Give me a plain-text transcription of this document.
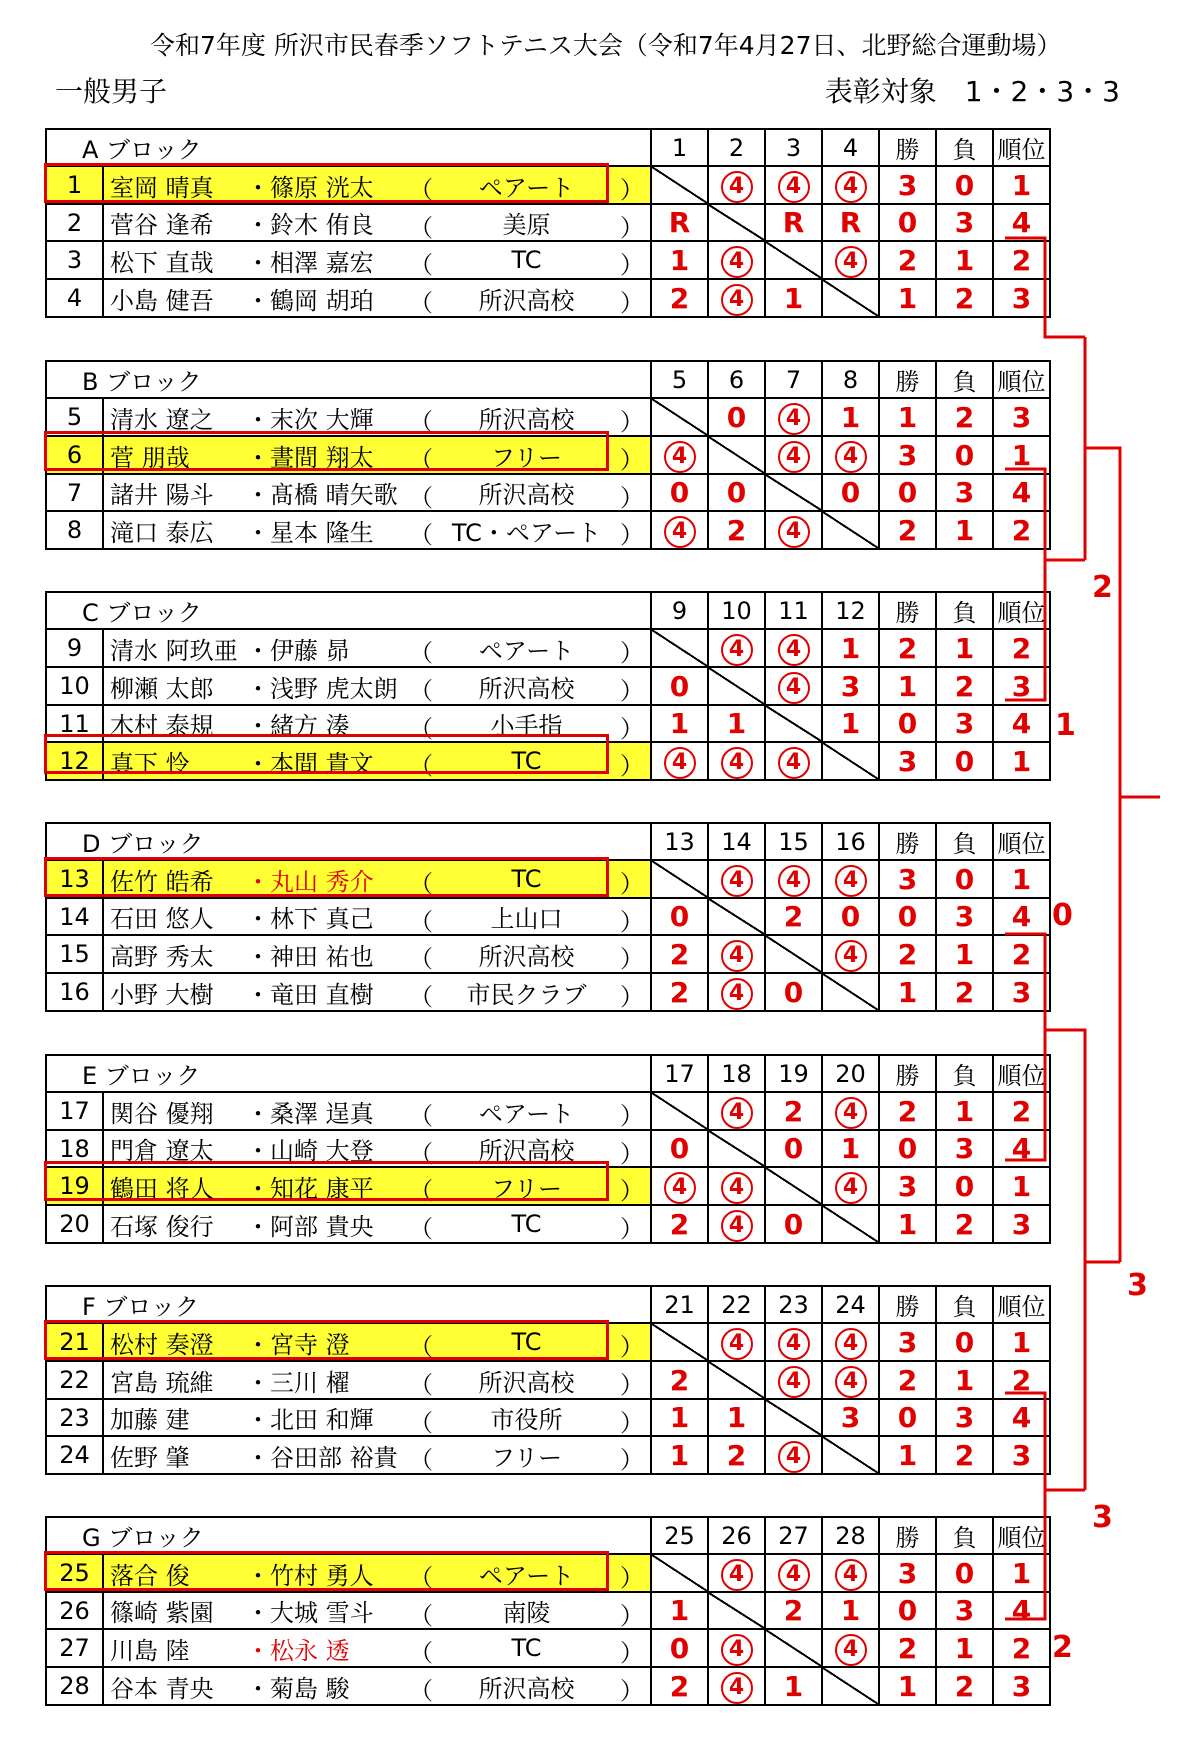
令和7年度 所沢市民春季ソフトテニス大会（令和7年4月27日、北野総合運動場）
一般男子	表彰対象　1・2・3・3
A ブロック			1	2	3	4	勝	負	順位
1	室岡 晴真 ・篠原 洸太	（ ペアート ）		4	4	4	3	0	1
2	菅谷 逢希 ・鈴木 侑良	（ 美原 ）	R		R	R	0	3	4
3	松下 直哉 ・相澤 嘉宏	（ TC ）	1	4		4	2	1	2
4	小島 健吾 ・鶴岡 胡珀	（ 所沢高校 ）	2	4	1		1	2	3
B ブロック			5	6	7	8	勝	負	順位
5	清水 遼之 ・末次 大輝	（ 所沢高校 ）		0	4	1	1	2	3
6	菅 朋哉 ・晝間 翔太	（ フリー ）	4		4	4	3	0	1
7	諸井 陽斗 ・髙橋 晴矢歌	（ 所沢高校 ）	0	0		0	0	3	4
8	滝口 泰広 ・星本 隆生	（ TC・ペアート ）	4	2	4		2	1	2
C ブロック			9	10	11	12	勝	負	順位
9	清水 阿玖亜 ・伊藤 昴	（ ペアート ）		4	4	1	2	1	2
10	柳瀬 太郎 ・浅野 虎太朗	（ 所沢高校 ）	0		4	3	1	2	3
11	木村 泰規 ・緒方 湊	（ 小手指 ）	1	1		1	0	3	4
12	真下 怜 ・本間 貴文	（ TC ）	4	4	4		3	0	1
D ブロック			13	14	15	16	勝	負	順位
13	佐竹 皓希 ・丸山 秀介	（ TC ）		4	4	4	3	0	1
14	石田 悠人 ・林下 真己	（ 上山口 ）	0		2	0	0	3	4
15	高野 秀太 ・神田 祐也	（ 所沢高校 ）	2	4		4	2	1	2
16	小野 大樹 ・竜田 直樹	（ 市民クラブ ）	2	4	0		1	2	3
E ブロック			17	18	19	20	勝	負	順位
17	関谷 優翔 ・桑澤 逞真	（ ペアート ）		4	2	4	2	1	2
18	門倉 遼太 ・山崎 大登	（ 所沢高校 ）	0		0	1	0	3	4
19	鶴田 将人 ・知花 康平	（ フリー ）	4	4		4	3	0	1
20	石塚 俊行 ・阿部 貴央	（ TC ）	2	4	0		1	2	3
F ブロック			21	22	23	24	勝	負	順位
21	松村 奏澄 ・宮寺 澄	（ TC ）		4	4	4	3	0	1
22	宮島 琉維 ・三川 櫂	（ 所沢高校 ）	2		4	4	2	1	2
23	加藤 建 ・北田 和輝	（ 市役所 ）	1	1		3	0	3	4
24	佐野 肇 ・谷田部 裕貴	（ フリー ）	1	2	4		1	2	3
G ブロック			25	26	27	28	勝	負	順位
25	落合 俊 ・竹村 勇人	（ ペアート ）		4	4	4	3	0	1
26	篠崎 紫園 ・大城 雪斗	（ 南陵 ）	1		2	1	0	3	4
27	川島 陸 ・松永 透	（ TC ）	0	4		4	2	1	2
28	谷本 青央 ・菊島 駿	（ 所沢高校 ）	2	4	1		1	2	3
2
1
0
3
3
2
